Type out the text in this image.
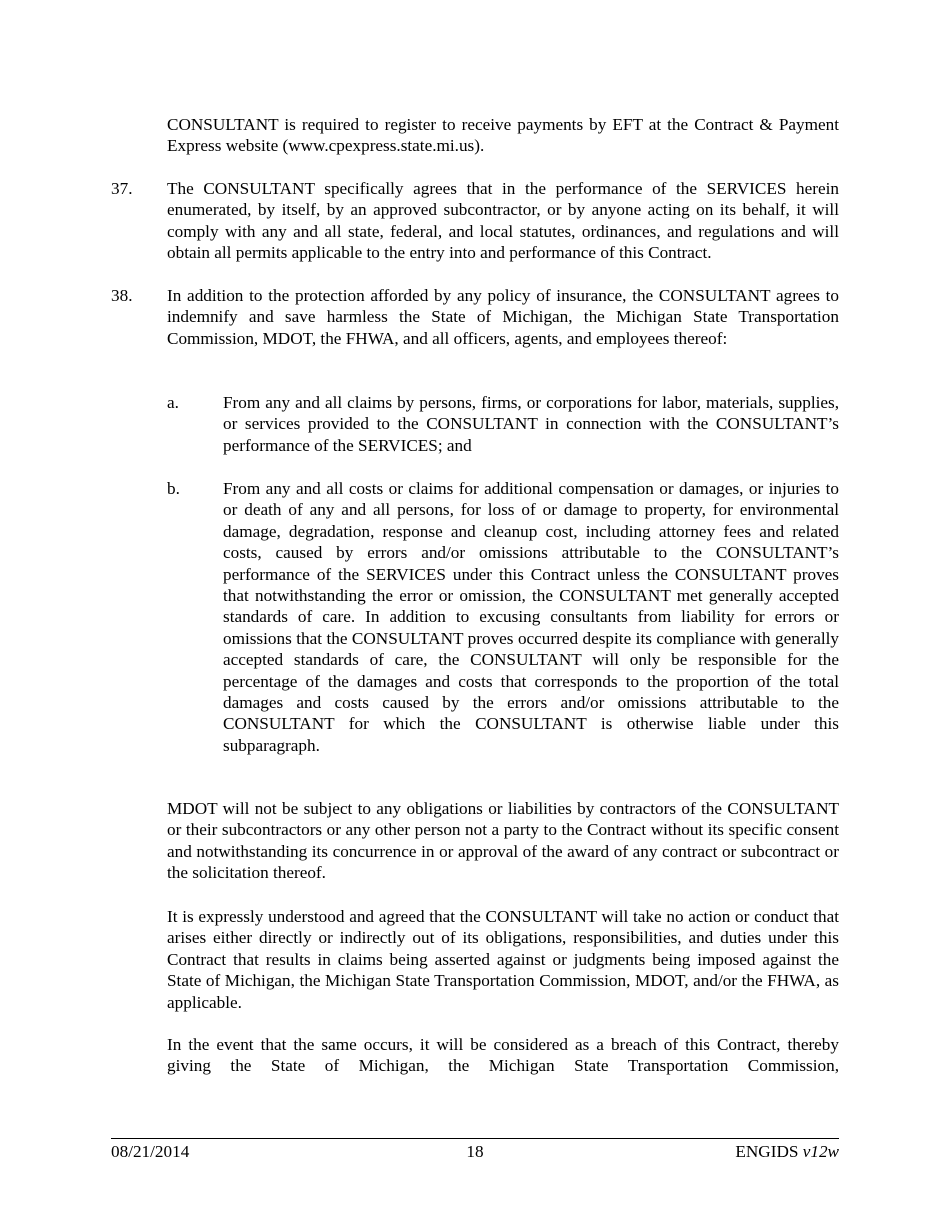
CONSULTANT is required to register to receive payments by EFT at the Contract & Payment Express website (www.cpexpress.state.mi.us).
37. The CONSULTANT specifically agrees that in the performance of the SERVICES herein enumerated, by itself, by an approved subcontractor, or by anyone acting on its behalf, it will comply with any and all state, federal, and local statutes, ordinances, and regulations and will obtain all permits applicable to the entry into and performance of this Contract.
38. In addition to the protection afforded by any policy of insurance, the CONSULTANT agrees to indemnify and save harmless the State of Michigan, the Michigan State Transportation Commission, MDOT, the FHWA, and all officers, agents, and employees thereof:
a.	From any and all claims by persons, firms, or corporations for labor, materials, supplies, or services provided to the CONSULTANT in connection with the CONSULTANT’s performance of the SERVICES; and
b.	From any and all costs or claims for additional compensation or damages, or injuries to or death of any and all persons, for loss of or damage to property, for environmental damage, degradation, response and cleanup cost, including attorney fees and related costs, caused by errors and/or omissions attributable to the CONSULTANT’s performance of the SERVICES under this Contract unless the CONSULTANT proves that notwithstanding the error or omission, the CONSULTANT met generally accepted standards of care. In addition to excusing consultants from liability for errors or omissions that the CONSULTANT proves occurred despite its compliance with generally accepted standards of care, the CONSULTANT will only be responsible for the percentage of the damages and costs that corresponds to the proportion of the total damages and costs caused by the errors and/or omissions attributable to the CONSULTANT for which the CONSULTANT is otherwise liable under this subparagraph.
MDOT will not be subject to any obligations or liabilities by contractors of the CONSULTANT or their subcontractors or any other person not a party to the Contract without its specific consent and notwithstanding its concurrence in or approval of the award of any contract or subcontract or the solicitation thereof.
It is expressly understood and agreed that the CONSULTANT will take no action or conduct that arises either directly or indirectly out of its obligations, responsibilities, and duties under this Contract that results in claims being asserted against or judgments being imposed against the State of Michigan, the Michigan State Transportation Commission, MDOT, and/or the FHWA, as applicable.
In the event that the same occurs, it will be considered as a breach of this Contract, thereby giving the State of Michigan, the Michigan State Transportation Commission,
08/21/2014	18	ENGIDS v12w
